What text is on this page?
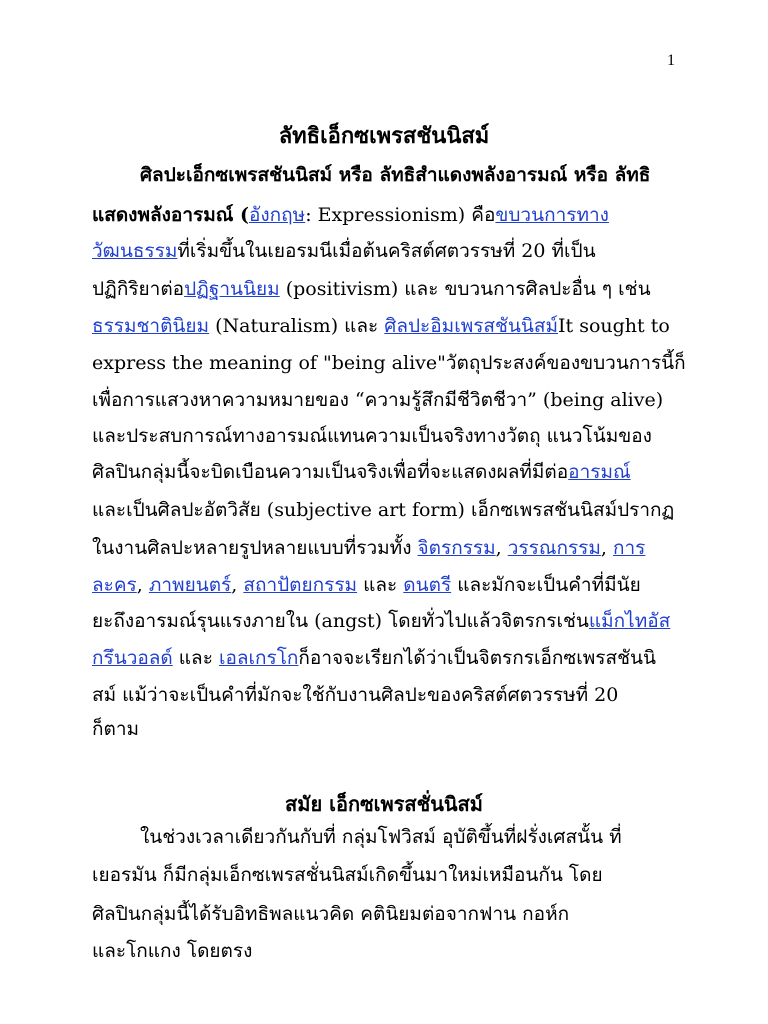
1
ลัทธิเอ็กซเพรสชันนิสม์
ศิลปะเอ็กซเพรสชันนิสม์ หรือ ลัทธิสำแดงพลังอารมณ์ หรือ ลัทธิ
แสดงพลังอารมณ์ (อังกฤษ: Expressionism) คือขบวนการทาง
วัฒนธรรมที่เริ่มขึ้นในเยอรมนีเมื่อต้นคริสต์ศตวรรษที่ 20 ที่เป็น
ปฏิกิริยาต่อปฏิฐานนิยม (positivism) และ ขบวนการศิลปะอื่น ๆ เช่น
ธรรมชาตินิยม (Naturalism) และ ศิลปะอิมเพรสชันนิสม์It sought to
express the meaning of "being alive"วัตถุประสงค์ของขบวนการนี้ก็
เพื่อการแสวงหาความหมายของ “ความรู้สึกมีชีวิตชีวา” (being alive)
และประสบการณ์ทางอารมณ์แทนความเป็นจริงทางวัตถุ แนวโน้มของ
ศิลปินกลุ่มนี้จะบิดเบือนความเป็นจริงเพื่อที่จะแสดงผลที่มีต่ออารมณ์
และเป็นศิลปะอัตวิสัย (subjective art form) เอ็กซเพรสชันนิสม์ปรากฏ
ในงานศิลปะหลายรูปหลายแบบที่รวมทั้ง จิตรกรรม, วรรณกรรม, การ
ละคร, ภาพยนตร์, สถาปัตยกรรม และ ดนตรี และมักจะเป็นคำที่มีนัย
ยะถึงอารมณ์รุนแรงภายใน (angst) โดยทั่วไปแล้วจิตรกรเช่นแม็กไทอัส
กรึนวอลด์ และ เอลเกรโกก็อาจจะเรียกได้ว่าเป็นจิตรกรเอ็กซเพรสชันนิ
สม์ แม้ว่าจะเป็นคำที่มักจะใช้กับงานศิลปะของคริสต์ศตวรรษที่ 20
ก็ตาม
สมัย เอ็กซเพรสชั่นนิสม์
ในช่วงเวลาเดียวกันกับที่ กลุ่มโฟวิสม์ อุบัติขึ้นที่ฝรั่งเศสนั้น ที่
เยอรมัน ก็มีกลุ่มเอ็กซเพรสชั่นนิสม์เกิดขึ้นมาใหม่เหมือนกัน โดย
ศิลปินกลุ่มนี้ได้รับอิทธิพลแนวคิด คตินิยมต่อจากฟาน กอห์ก
และโกแกง โดยตรง
